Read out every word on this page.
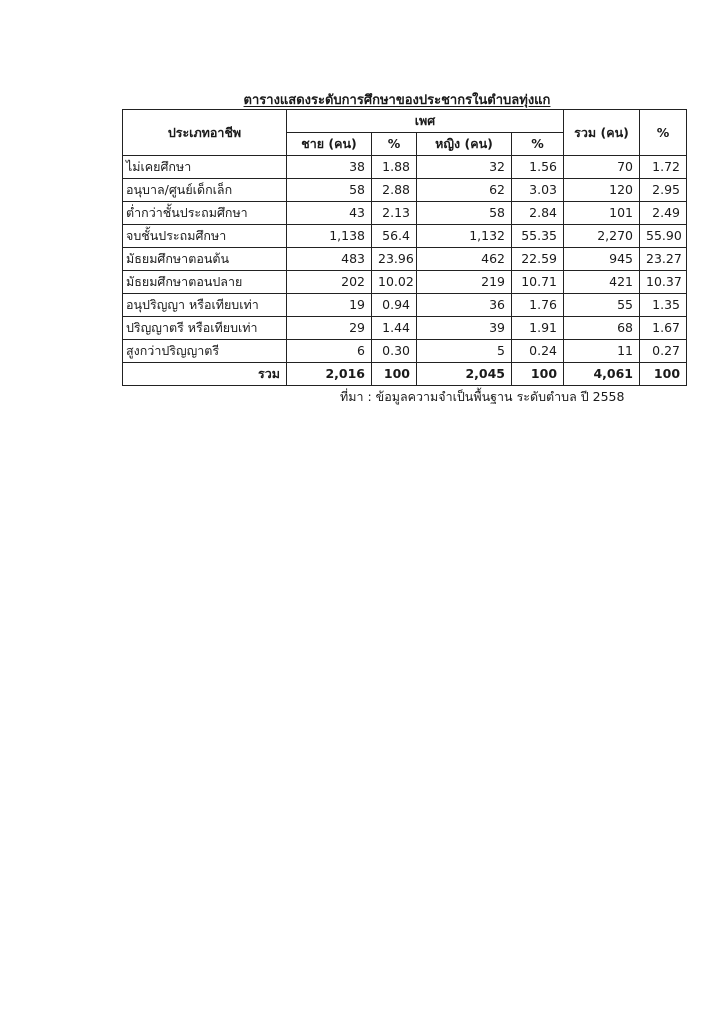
ตารางแสดงระดับการศึกษาของประชากรในตำบลทุ่งแก
ประเภทอาชีพ	เพศ				รวม (คน)	%
	ชาย (คน)	%	หญิง (คน)	%		
ไม่เคยศึกษา	38	1.88	32	1.56	70	1.72
อนุบาล/ศูนย์เด็กเล็ก	58	2.88	62	3.03	120	2.95
ต่ำกว่าชั้นประถมศึกษา	43	2.13	58	2.84	101	2.49
จบชั้นประถมศึกษา	1,138	56.4	1,132	55.35	2,270	55.90
มัธยมศึกษาตอนต้น	483	23.96	462	22.59	945	23.27
มัธยมศึกษาตอนปลาย	202	10.02	219	10.71	421	10.37
อนุปริญญา หรือเทียบเท่า	19	0.94	36	1.76	55	1.35
ปริญญาตรี หรือเทียบเท่า	29	1.44	39	1.91	68	1.67
สูงกว่าปริญญาตรี	6	0.30	5	0.24	11	0.27
รวม	2,016	100	2,045	100	4,061	100
ที่มา : ข้อมูลความจำเป็นพื้นฐาน ระดับตำบล ปี 2558
